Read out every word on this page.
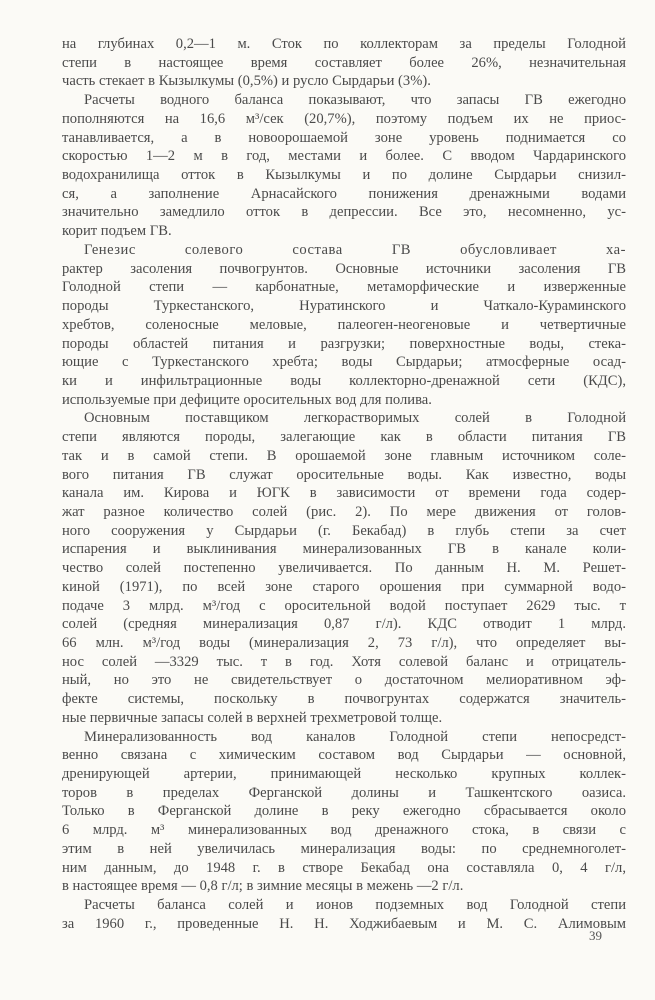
на глубинах 0,2—1 м. Сток по коллекторам за пределы Голодной
степи в настоящее время составляет более 26%, незначительная
часть стекает в Кызылкумы (0,5%) и русло Сырдарьи (3%).
Расчеты водного баланса показывают, что запасы ГВ ежегодно
пополняются на 16,6 м³/сек (20,7%), поэтому подъем их не приос-
танавливается, а в новоорошаемой зоне уровень поднимается со
скоростью 1—2 м в год, местами и более. С вводом Чардаринского
водохранилища отток в Кызылкумы и по долине Сырдарьи снизил-
ся, а заполнение Арнасайского понижения дренажными водами
значительно замедлило отток в депрессии. Все это, несомненно, ус-
корит подъем ГВ.
Генезис солевого состава ГВ обусловливает ха-
рактер засоления почвогрунтов. Основные источники засоления ГВ
Голодной степи — карбонатные, метаморфические и изверженные
породы Туркестанского, Нуратинского и Чаткало-Кураминского
хребтов, соленосные меловые, палеоген-неогеновые и четвертичные
породы областей питания и разгрузки; поверхностные воды, стека-
ющие с Туркестанского хребта; воды Сырдарьи; атмосферные осад-
ки и инфильтрационные воды коллекторно-дренажной сети (КДС),
используемые при дефиците оросительных вод для полива.
Основным поставщиком легкорастворимых солей в Голодной
степи являются породы, залегающие как в области питания ГВ
так и в самой степи. В орошаемой зоне главным источником соле-
вого питания ГВ служат оросительные воды. Как известно, воды
канала им. Кирова и ЮГК в зависимости от времени года содер-
жат разное количество солей (рис. 2). По мере движения от голов-
ного сооружения у Сырдарьи (г. Бекабад) в глубь степи за счет
испарения и выклинивания минерализованных ГВ в канале коли-
чество солей постепенно увеличивается. По данным Н. М. Решет-
киной (1971), по всей зоне старого орошения при суммарной водо-
подаче 3 млрд. м³/год с оросительной водой поступает 2629 тыс. т
солей (средняя минерализация 0,87 г/л). КДС отводит 1 млрд.
66 млн. м³/год воды (минерализация 2, 73 г/л), что определяет вы-
нос солей —3329 тыс. т в год. Хотя солевой баланс и отрицатель-
ный, но это не свидетельствует о достаточном мелиоративном эф-
фекте системы, поскольку в почвогрунтах содержатся значитель-
ные первичные запасы солей в верхней трехметровой толще.
Минерализованность вод каналов Голодной степи непосредст-
венно связана с химическим составом вод Сырдарьи — основной,
дренирующей артерии, принимающей несколько крупных коллек-
торов в пределах Ферганской долины и Ташкентского оазиса.
Только в Ферганской долине в реку ежегодно сбрасывается около
6 млрд. м³ минерализованных вод дренажного стока, в связи с
этим в ней увеличилась минерализация воды: по среднемноголет-
ним данным, до 1948 г. в створе Бекабад она составляла 0, 4 г/л,
в настоящее время — 0,8 г/л; в зимние месяцы в межень —2 г/л.
Расчеты баланса солей и ионов подземных вод Голодной степи
за 1960 г., проведенные Н. Н. Ходжибаевым и М. С. Алимовым
39
